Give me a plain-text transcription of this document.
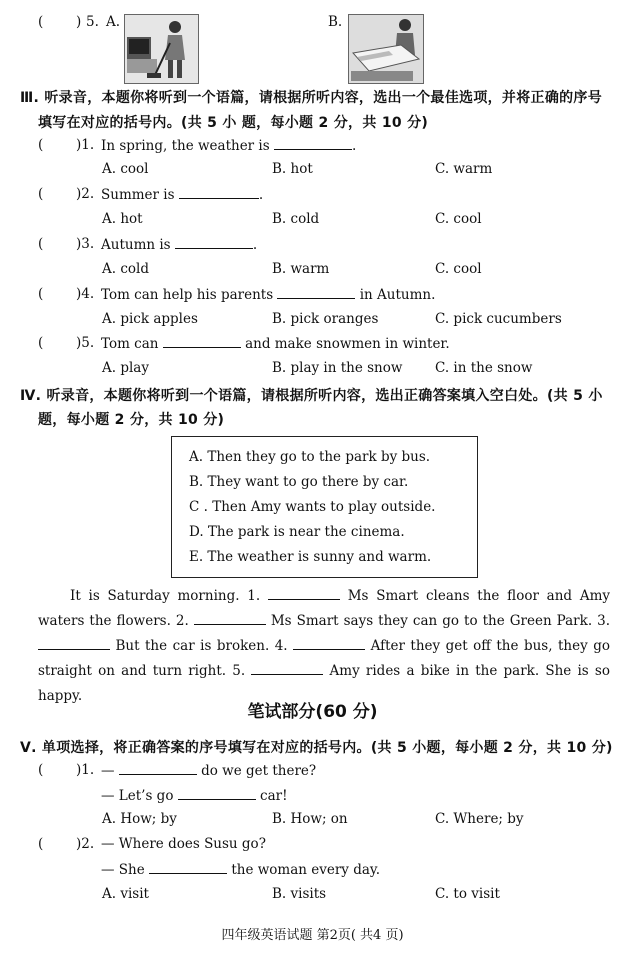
( ) 5. A.	B.
Ⅲ. 听录音，本题你将听到一个语篇，请根据所听内容，选出一个最佳选项，并将正确的序号
填写在对应的括号内。(共 5 小 题，每小题 2 分，共 10 分)
( )1. In spring, the weather is	.
A. cool	B. hot	C. warm
( )2. Summer is	.
A. hot	B. cold	C. cool
( )3. Autumn is	.
A. cold	B. warm	C. cool
( )4. Tom can help his parents	in Autumn.
A. pick apples	B. pick oranges	C. pick cucumbers
( )5. Tom can	and make snowmen in winter.
A. play	B. play in the snow C. in the snow
Ⅳ. 听录音，本题你将听到一个语篇，请根据所听内容，选出正确答案填入空白处。(共 5 小
题，每小题 2 分，共 10 分)
A. Then they go to the park by bus.
B. They want to go there by car.
C . Then Amy wants to play outside.
D. The park is near the cinema.
E. The weather is sunny and warm.
It is Saturday morning. 1.	Ms Smart cleans the floor and Amy waters the flowers. 2.	Ms Smart says they can go to the Green Park. 3.  But the car is broken. 4.	After they get off the bus, they go straight on and turn right. 5.	Amy rides a bike in the park. She is so happy.
笔试部分(60 分)
Ⅴ. 单项选择，将正确答案的序号填写在对应的括号内。(共 5 小题，每小题 2 分，共 10 分)
( )1. —	do we get there?
— Let’s go	car!
A. How; by	B. How; on	C. Where; by
( )2. — Where does Susu go?
— She	the woman every day.
A. visit	B. visits	C. to visit
四年级英语试题 第2页( 共4 页)
